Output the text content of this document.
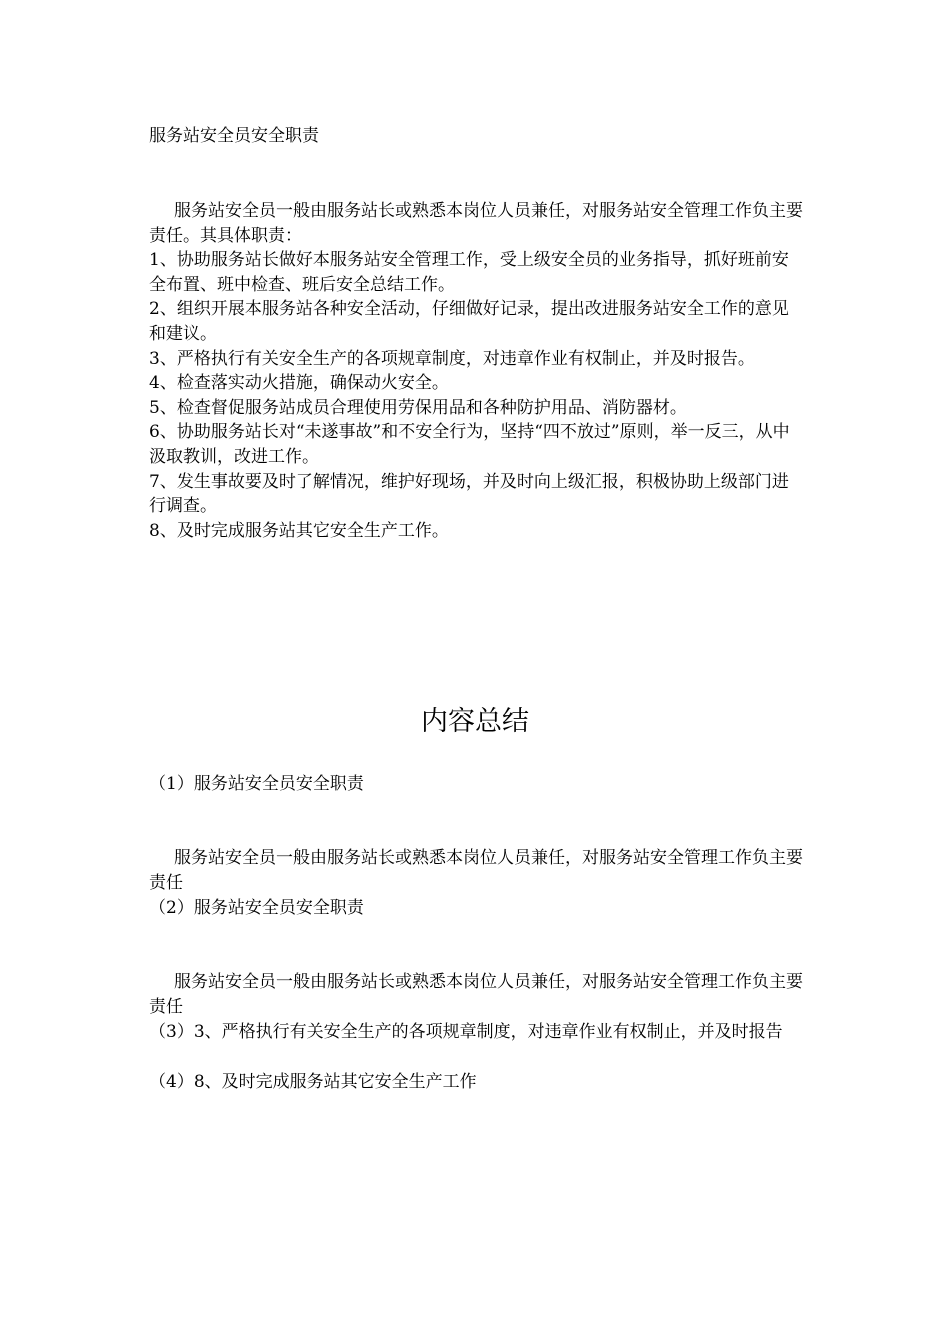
服务站安全员安全职责

服务站安全员一般由服务站长或熟悉本岗位人员兼任，对服务站安全管理工作负主要责任。其具体职责：

1、协助服务站长做好本服务站安全管理工作，受上级安全员的业务指导，抓好班前安全布置、班中检查、班后安全总结工作。

2、组织开展本服务站各种安全活动，仔细做好记录，提出改进服务站安全工作的意见和建议。

3、严格执行有关安全生产的各项规章制度，对违章作业有权制止，并及时报告。

4、检查落实动火措施，确保动火安全。

5、检查督促服务站成员合理使用劳保用品和各种防护用品、消防器材。

6、协助服务站长对“未遂事故”和不安全行为，坚持“四不放过”原则，举一反三，从中汲取教训，改进工作。

7、发生事故要及时了解情况，维护好现场，并及时向上级汇报，积极协助上级部门进行调查。

8、及时完成服务站其它安全生产工作。

内容总结

（1）服务站安全员安全职责

服务站安全员一般由服务站长或熟悉本岗位人员兼任，对服务站安全管理工作负主要责任

（2）服务站安全员安全职责

服务站安全员一般由服务站长或熟悉本岗位人员兼任，对服务站安全管理工作负主要责任

（3）3、严格执行有关安全生产的各项规章制度，对违章作业有权制止，并及时报告

（4）8、及时完成服务站其它安全生产工作
